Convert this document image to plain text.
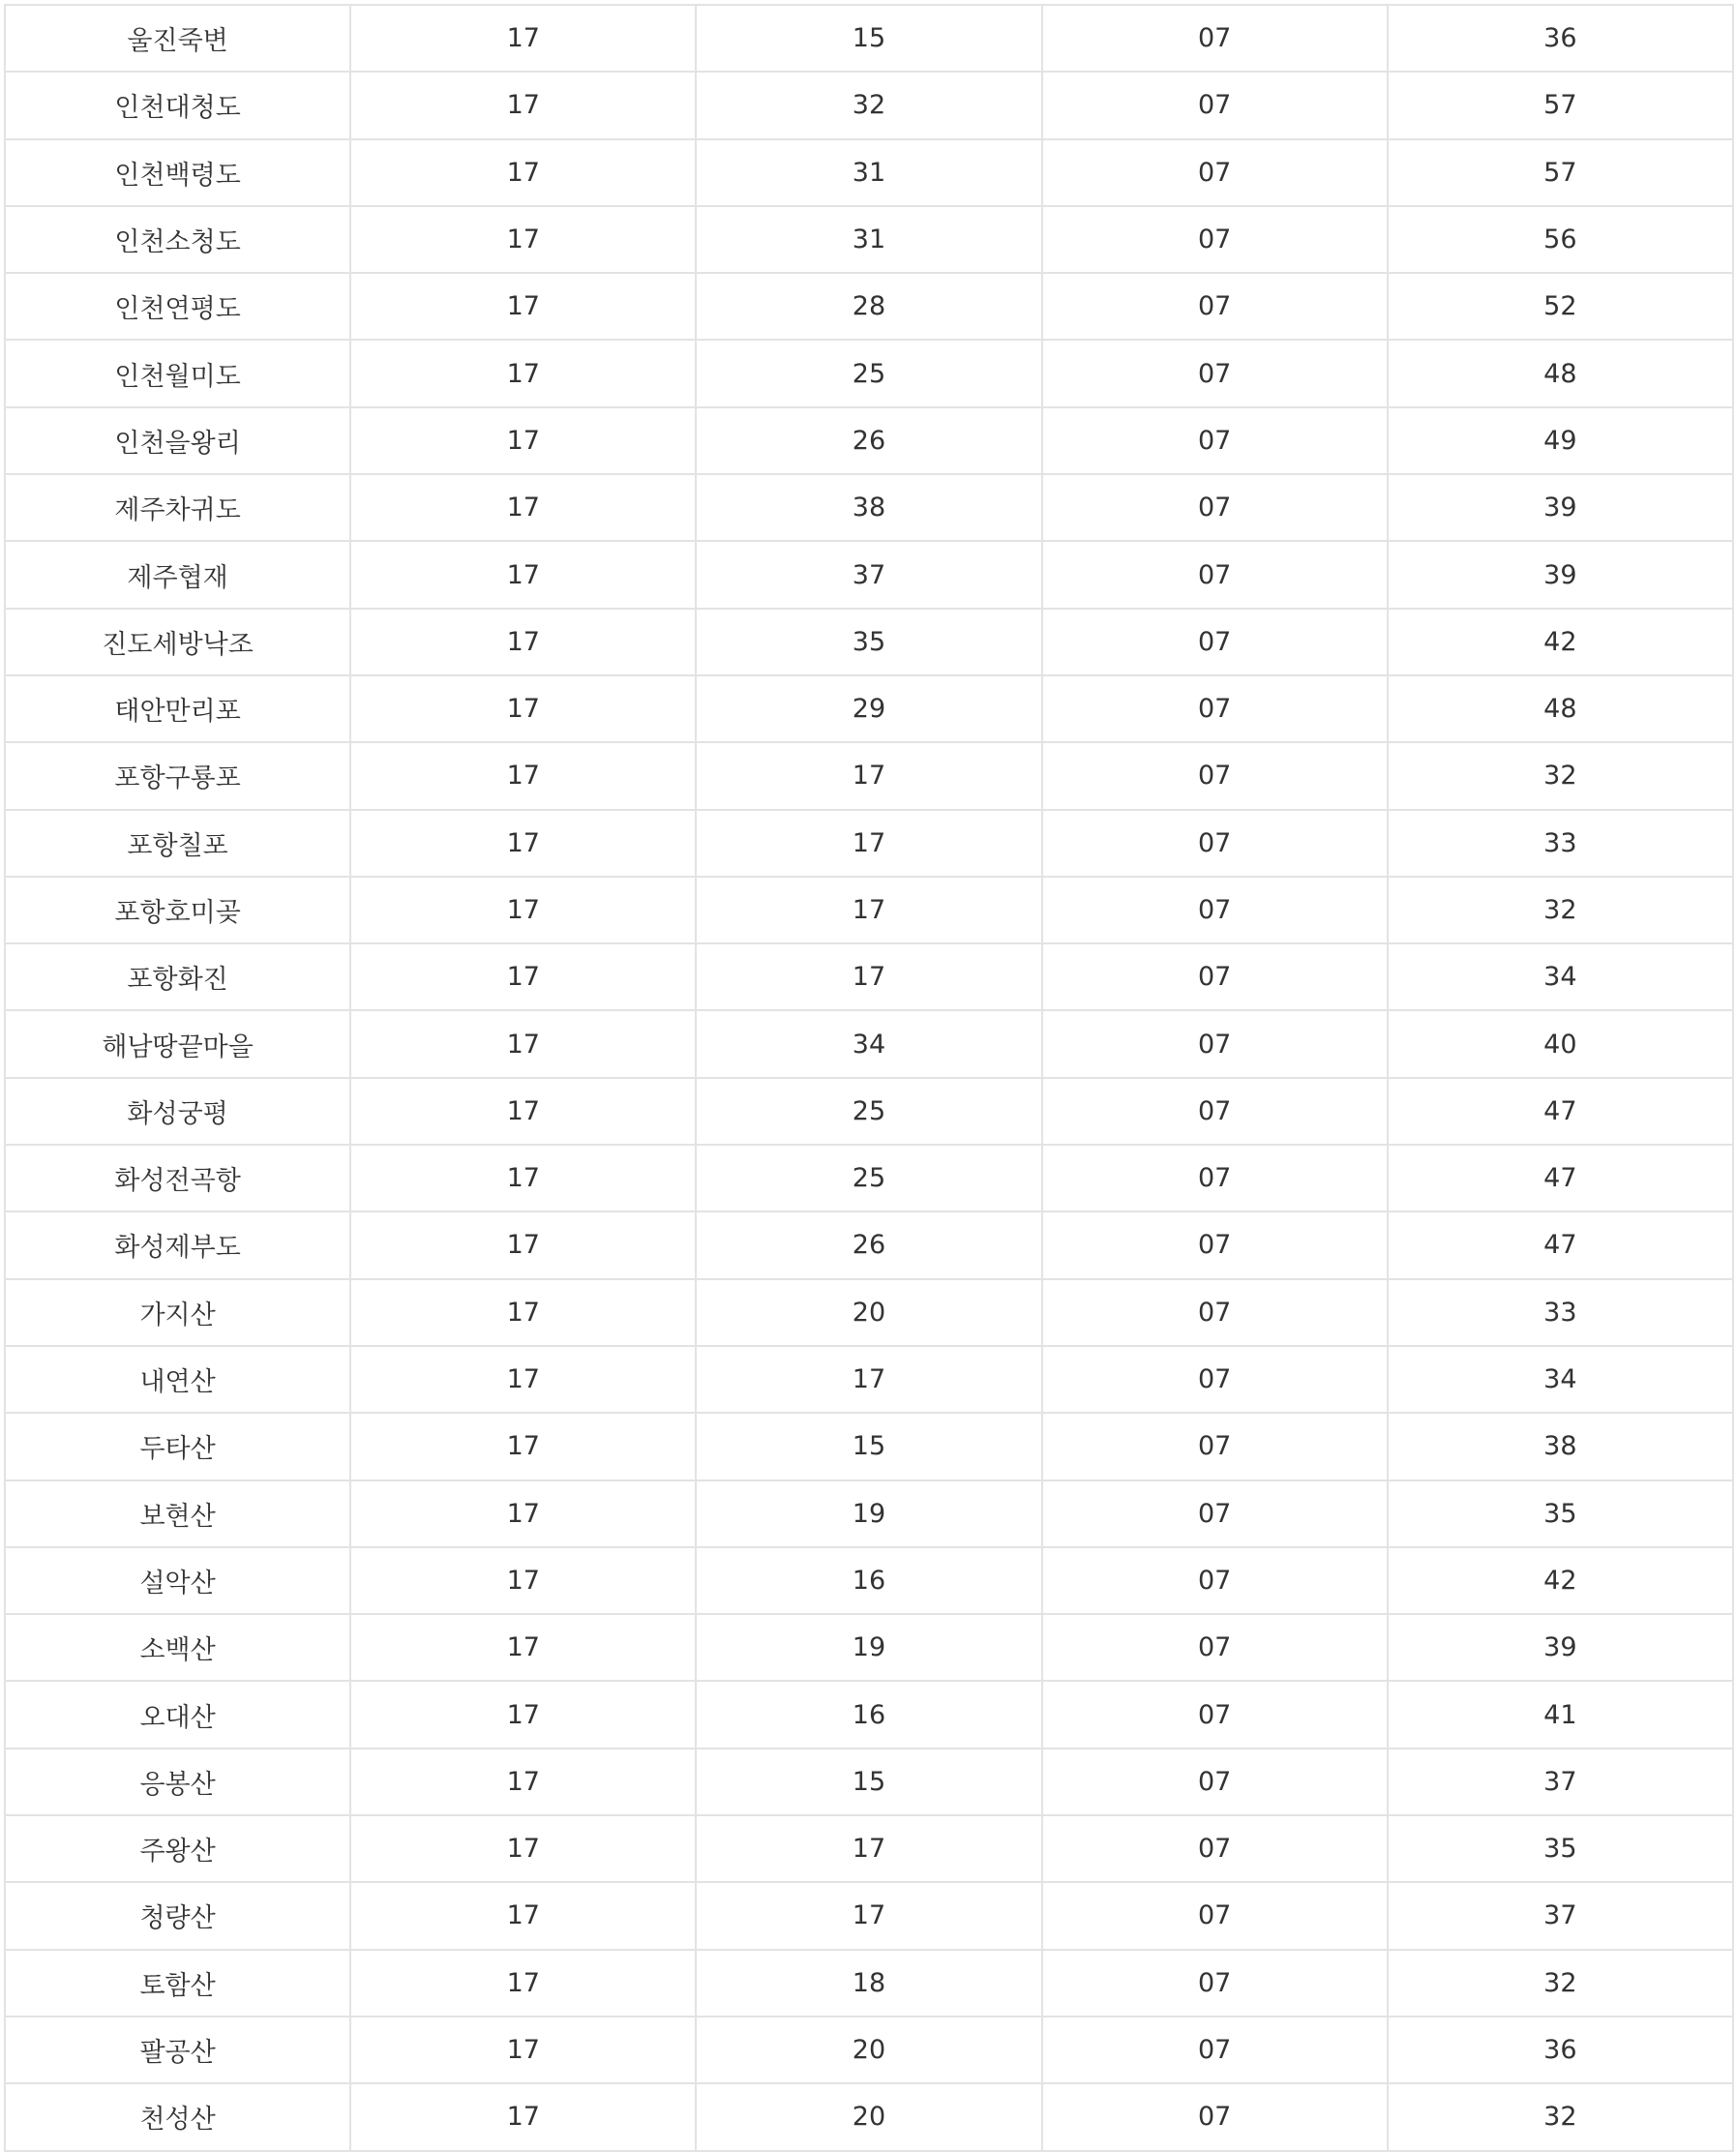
울진죽변	17	15	07	36
인천대청도	17	32	07	57
인천백령도	17	31	07	57
인천소청도	17	31	07	56
인천연평도	17	28	07	52
인천월미도	17	25	07	48
인천을왕리	17	26	07	49
제주차귀도	17	38	07	39
제주협재	17	37	07	39
진도세방낙조	17	35	07	42
태안만리포	17	29	07	48
포항구룡포	17	17	07	32
포항칠포	17	17	07	33
포항호미곶	17	17	07	32
포항화진	17	17	07	34
해남땅끝마을	17	34	07	40
화성궁평	17	25	07	47
화성전곡항	17	25	07	47
화성제부도	17	26	07	47
가지산	17	20	07	33
내연산	17	17	07	34
두타산	17	15	07	38
보현산	17	19	07	35
설악산	17	16	07	42
소백산	17	19	07	39
오대산	17	16	07	41
응봉산	17	15	07	37
주왕산	17	17	07	35
청량산	17	17	07	37
토함산	17	18	07	32
팔공산	17	20	07	36
천성산	17	20	07	32
